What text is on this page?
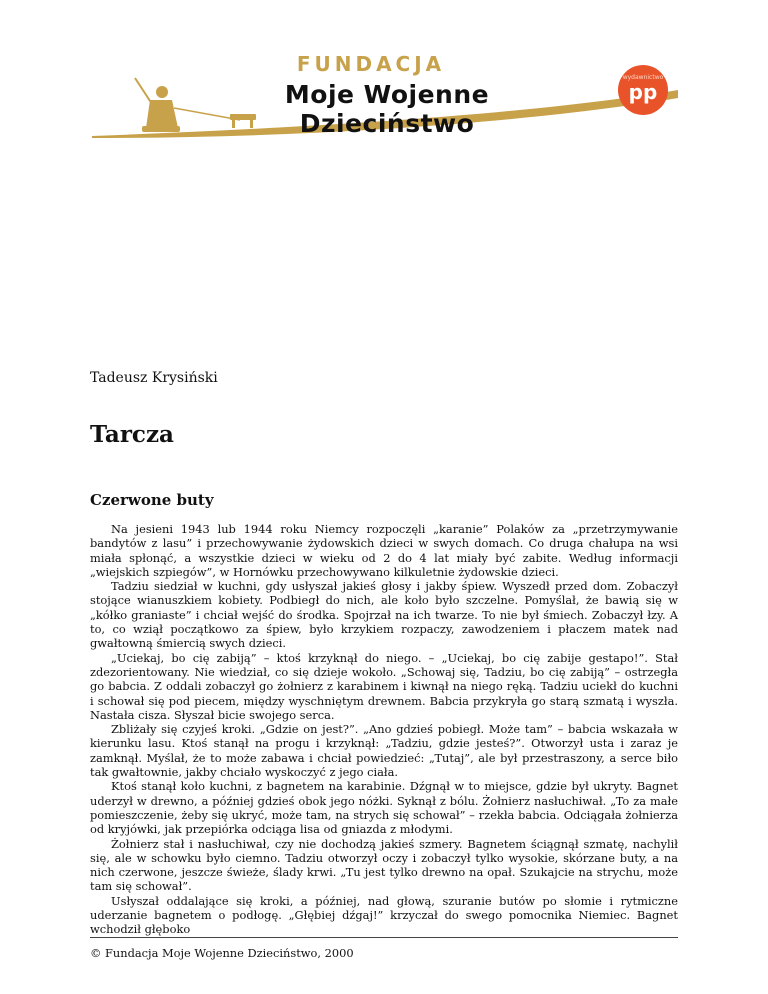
FUNDACJA
Moje Wojenne Dzieciństwo
wydawnictwo
pp
Tadeusz Krysiński
Tarcza
Czerwone buty

Na jesieni 1943 lub 1944 roku Niemcy rozpoczęli „karanie” Polaków za „przetrzymywanie bandytów z lasu” i przechowywanie żydowskich dzieci w swych domach. Co druga chałupa na wsi miała spłonąć, a wszystkie dzieci w wieku od 2 do 4 lat miały być zabite. Według informacji „wiejskich szpiegów”, w Hornówku przechowywano kilkuletnie żydowskie dzieci.

Tadziu siedział w kuchni, gdy usłyszał jakieś głosy i jakby śpiew. Wyszedł przed dom. Zobaczył stojące wianuszkiem kobiety. Podbiegł do nich, ale koło było szczelne. Pomyślał, że bawią się w „kółko graniaste” i chciał wejść do środka. Spojrzał na ich twarze. To nie był śmiech. Zobaczył łzy. A to, co wziął początkowo za śpiew, było krzykiem rozpaczy, zawodzeniem i płaczem matek nad gwałtowną śmiercią swych dzieci.

„Uciekaj, bo cię zabiją” – ktoś krzyknął do niego. – „Uciekaj, bo cię zabije gestapo!”. Stał zdezorientowany. Nie wiedział, co się dzieje wokoło. „Schowaj się, Tadziu, bo cię zabiją” – ostrzegła go babcia. Z oddali zobaczył go żołnierz z karabinem i kiwnął na niego ręką. Tadziu uciekł do kuchni i schował się pod piecem, między wyschniętym drewnem. Babcia przykryła go starą szmatą i wyszła. Nastała cisza. Słyszał bicie swojego serca.

Zbliżały się czyjeś kroki. „Gdzie on jest?”. „Ano gdzieś pobiegł. Może tam” – babcia wskazała w kierunku lasu. Ktoś stanął na progu i krzyknął: „Tadziu, gdzie jesteś?”. Otworzył usta i zaraz je zamknął. Myślał, że to może zabawa i chciał powiedzieć: „Tutaj”, ale był przestraszony, a serce biło tak gwałtownie, jakby chciało wyskoczyć z jego ciała.

Ktoś stanął koło kuchni, z bagnetem na karabinie. Dźgnął w to miejsce, gdzie był ukryty. Bagnet uderzył w drewno, a później gdzieś obok jego nóżki. Syknął z bólu. Żołnierz nasłuchiwał. „To za małe pomieszczenie, żeby się ukryć, może tam, na strych się schował” – rzekła babcia. Odciągała żołnierza od kryjówki, jak przepiórka odciąga lisa od gniazda z młodymi.

Żołnierz stał i nasłuchiwał, czy nie dochodzą jakieś szmery. Bagnetem ściągnął szmatę, nachylił się, ale w schowku było ciemno. Tadziu otworzył oczy i zobaczył tylko wysokie, skórzane buty, a na nich czerwone, jeszcze świeże, ślady krwi. „Tu jest tylko drewno na opał. Szukajcie na strychu, może tam się schował”.

Usłyszał oddalające się kroki, a później, nad głową, szuranie butów po słomie i rytmiczne uderzanie bagnetem o podłogę. „Głębiej dźgaj!” krzyczał do swego pomocnika Niemiec. Bagnet wchodził głęboko

© Fundacja Moje Wojenne Dzieciństwo, 2000
